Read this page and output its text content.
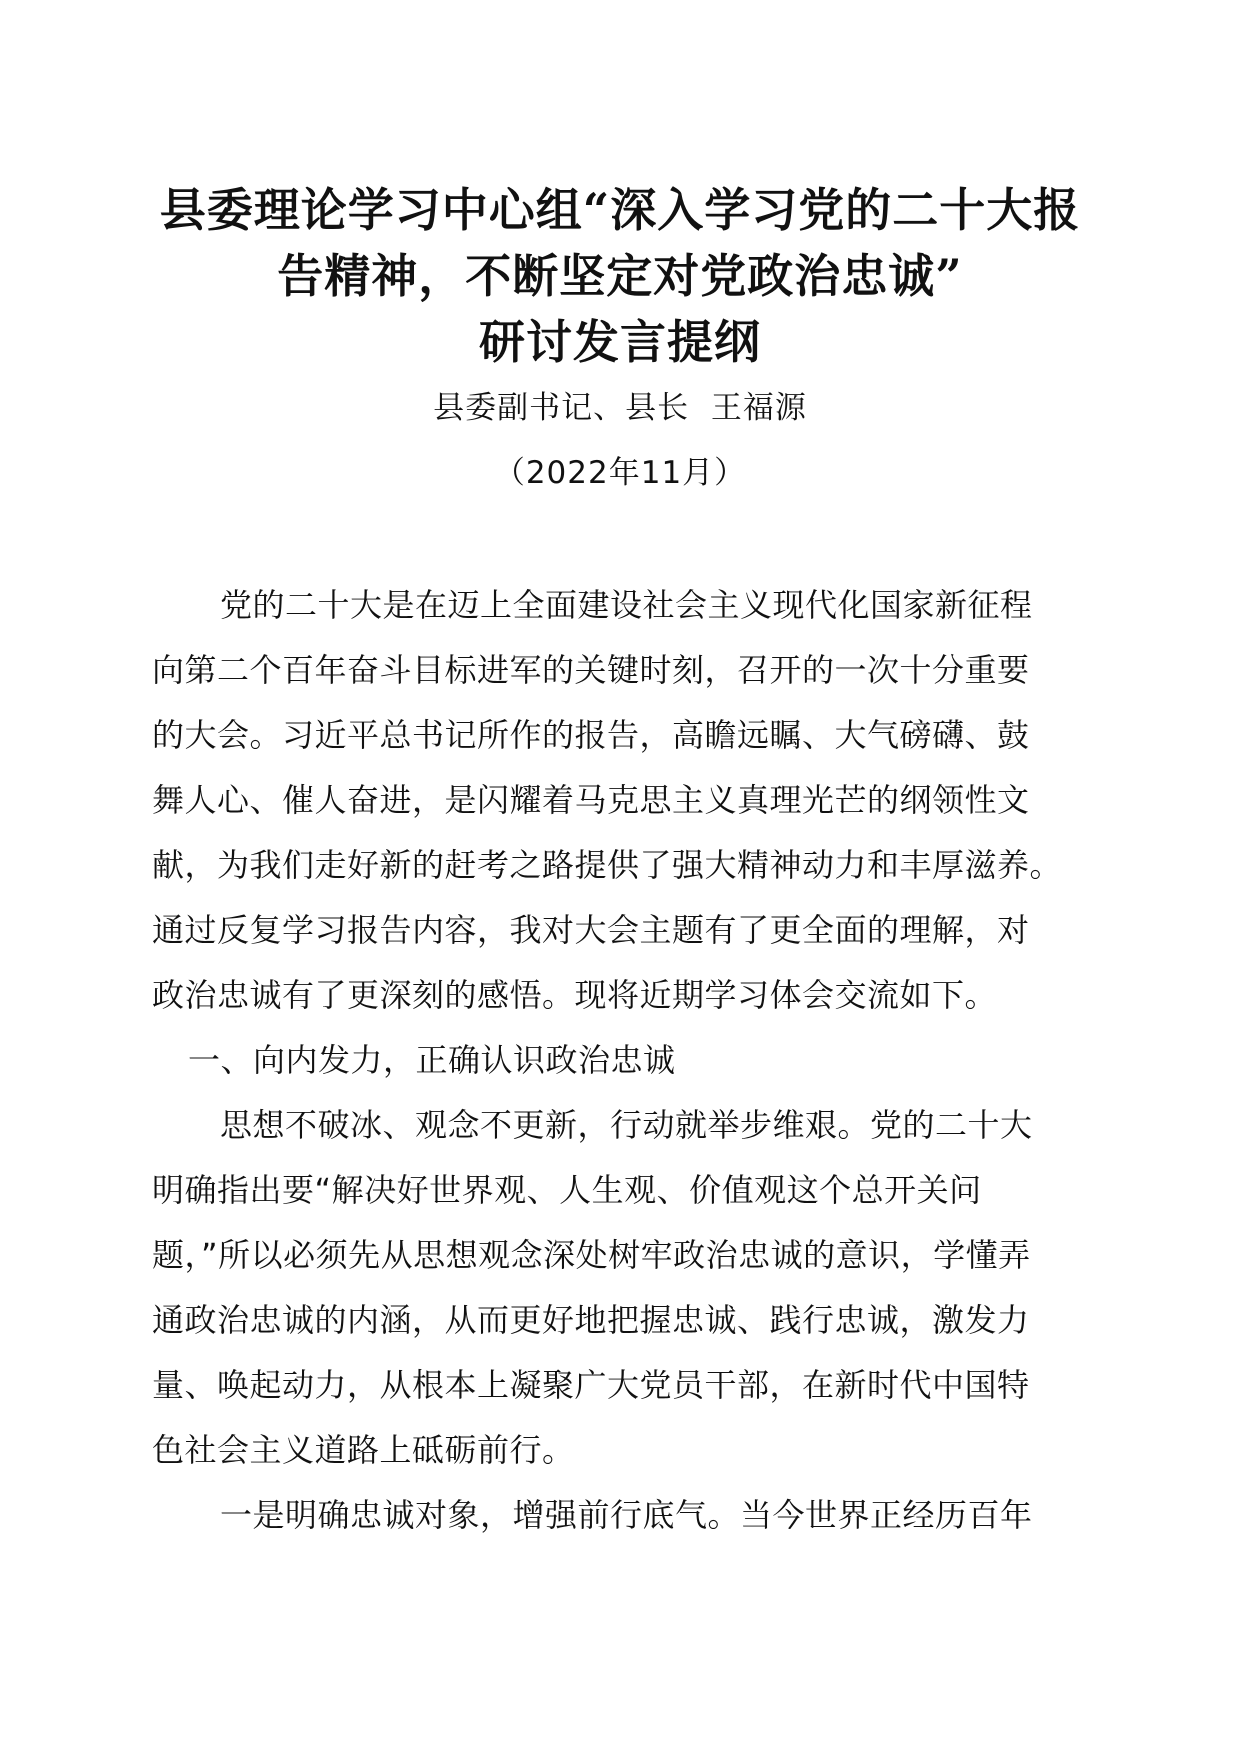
县委理论学习中心组“深入学习党的二十大报
告精神，不断坚定对党政治忠诚”
研讨发言提纲
县委副书记、县长  王福源
（2022年11月）
党的二十大是在迈上全面建设社会主义现代化国家新征程
向第二个百年奋斗目标进军的关键时刻，召开的一次十分重要
的大会。习近平总书记所作的报告，高瞻远瞩、大气磅礴、鼓
舞人心、催人奋进，是闪耀着马克思主义真理光芒的纲领性文
献，为我们走好新的赶考之路提供了强大精神动力和丰厚滋养。
通过反复学习报告内容，我对大会主题有了更全面的理解，对
政治忠诚有了更深刻的感悟。现将近期学习体会交流如下。
一、向内发力，正确认识政治忠诚
思想不破冰、观念不更新，行动就举步维艰。党的二十大
明确指出要“解决好世界观、人生观、价值观这个总开关问
题，”所以必须先从思想观念深处树牢政治忠诚的意识，学懂弄
通政治忠诚的内涵，从而更好地把握忠诚、践行忠诚，激发力
量、唤起动力，从根本上凝聚广大党员干部，在新时代中国特
色社会主义道路上砥砺前行。
一是明确忠诚对象，增强前行底气。当今世界正经历百年
